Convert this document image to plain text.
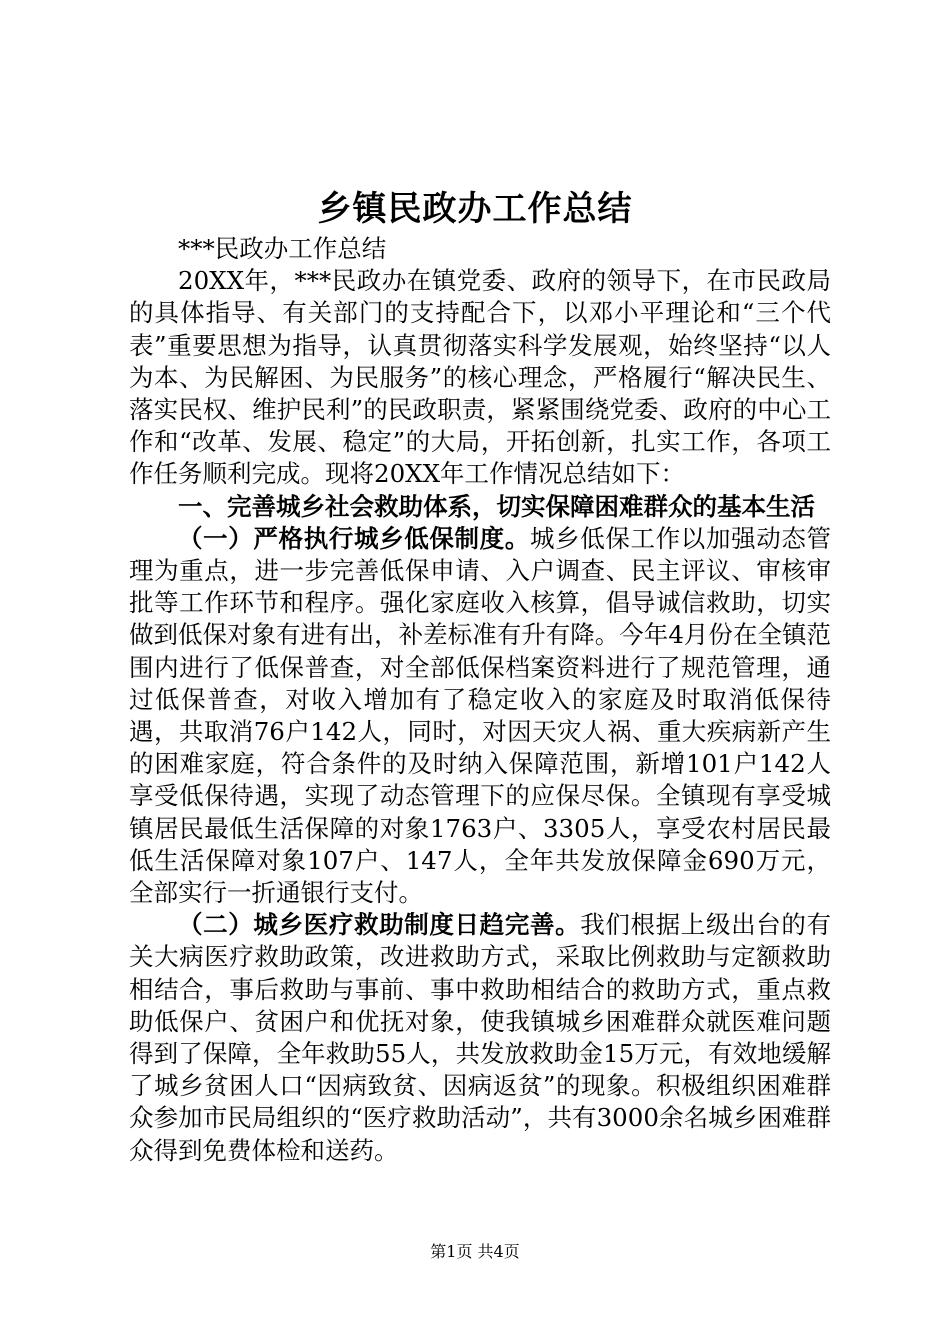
乡镇民政办工作总结

***民政办工作总结

20XX年，***民政办在镇党委、政府的领导下，在市民政局的具体指导、有关部门的支持配合下，以邓小平理论和“三个代表”重要思想为指导，认真贯彻落实科学发展观，始终坚持“以人为本、为民解困、为民服务”的核心理念，严格履行“解决民生、落实民权、维护民利”的民政职责，紧紧围绕党委、政府的中心工作和“改革、发展、稳定”的大局，开拓创新，扎实工作，各项工作任务顺利完成。现将20XX年工作情况总结如下：

一、完善城乡社会救助体系，切实保障困难群众的基本生活

（一）严格执行城乡低保制度。城乡低保工作以加强动态管理为重点，进一步完善低保申请、入户调查、民主评议、审核审批等工作环节和程序。强化家庭收入核算，倡导诚信救助，切实做到低保对象有进有出，补差标准有升有降。今年4月份在全镇范围内进行了低保普查，对全部低保档案资料进行了规范管理，通过低保普查，对收入增加有了稳定收入的家庭及时取消低保待遇，共取消76户142人，同时，对因天灾人祸、重大疾病新产生的困难家庭，符合条件的及时纳入保障范围，新增101户142人享受低保待遇，实现了动态管理下的应保尽保。全镇现有享受城镇居民最低生活保障的对象1763户、3305人，享受农村居民最低生活保障对象107户、147人，全年共发放保障金690万元，全部实行一折通银行支付。

（二）城乡医疗救助制度日趋完善。我们根据上级出台的有关大病医疗救助政策，改进救助方式，采取比例救助与定额救助相结合，事后救助与事前、事中救助相结合的救助方式，重点救助低保户、贫困户和优抚对象，使我镇城乡困难群众就医难问题得到了保障，全年救助55人，共发放救助金15万元，有效地缓解了城乡贫困人口“因病致贫、因病返贫”的现象。积极组织困难群众参加市民局组织的“医疗救助活动”，共有3000余名城乡困难群众得到免费体检和送药。

第1页 共4页
